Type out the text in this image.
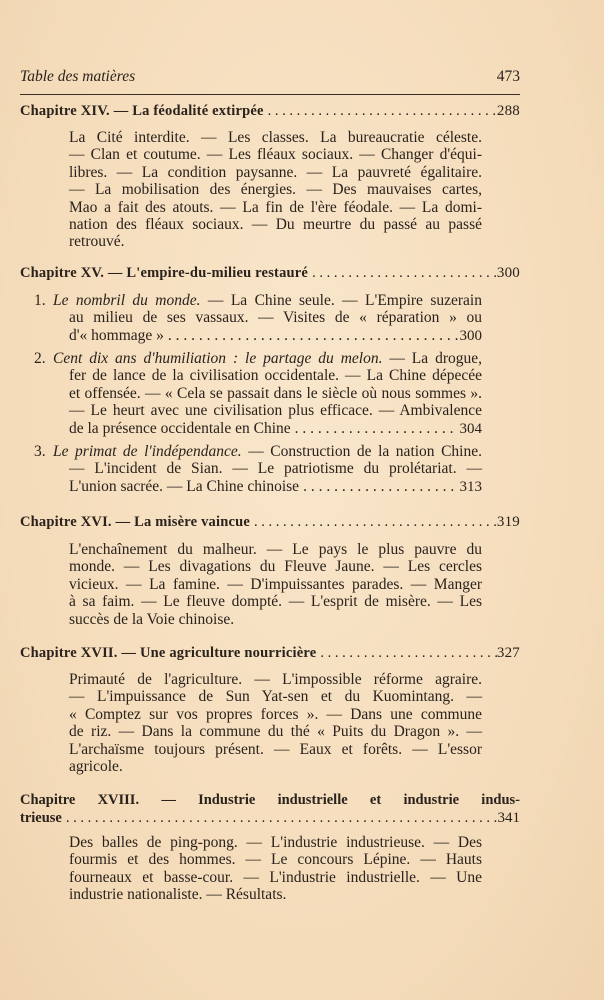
Table des matières	473
Chapitre XIV. — La féodalité extirpée . . .	288
La Cité interdite. — Les classes. La bureaucratie céleste.
— Clan et coutume. — Les fléaux sociaux. — Changer d'équi-
libres. — La condition paysanne. — La pauvreté égalitaire.
— La mobilisation des énergies. — Des mauvaises cartes,
Mao a fait des atouts. — La fin de l'ère féodale. — La domi-
nation des fléaux sociaux. — Du meurtre du passé au passé
retrouvé.
Chapitre XV. — L'empire-du-milieu restauré . . .	300
1. Le nombril du monde. — La Chine seule. — L'Empire suzerain
au milieu de ses vassaux. — Visites de « réparation » ou
d'« hommage » . . .	300
2. Cent dix ans d'humiliation : le partage du melon. — La drogue,
fer de lance de la civilisation occidentale. — La Chine dépecée
et offensée. — « Cela se passait dans le siècle où nous sommes ».
— Le heurt avec une civilisation plus efficace. — Ambivalence
de la présence occidentale en Chine . . .	304
3. Le primat de l'indépendance. — Construction de la nation Chine.
— L'incident de Sian. — Le patriotisme du prolétariat. —
L'union sacrée. — La Chine chinoise . . .	313
Chapitre XVI. — La misère vaincue . . .	319
L'enchaînement du malheur. — Le pays le plus pauvre du
monde. — Les divagations du Fleuve Jaune. — Les cercles
vicieux. — La famine. — D'impuissantes parades. — Manger
à sa faim. — Le fleuve dompté. — L'esprit de misère. — Les
succès de la Voie chinoise.
Chapitre XVII. — Une agriculture nourricière . . .	327
Primauté de l'agriculture. — L'impossible réforme agraire.
— L'impuissance de Sun Yat-sen et du Kuomintang. —
« Comptez sur vos propres forces ». — Dans une commune
de riz. — Dans la commune du thé « Puits du Dragon ». —
L'archaïsme toujours présent. — Eaux et forêts. — L'essor
agricole.
Chapitre XVIII. — Industrie industrielle et industrie indus-
trieuse . . .	341
Des balles de ping-pong. — L'industrie industrieuse. — Des
fourmis et des hommes. — Le concours Lépine. — Hauts
fourneaux et basse-cour. — L'industrie industrielle. — Une
industrie nationaliste. — Résultats.
